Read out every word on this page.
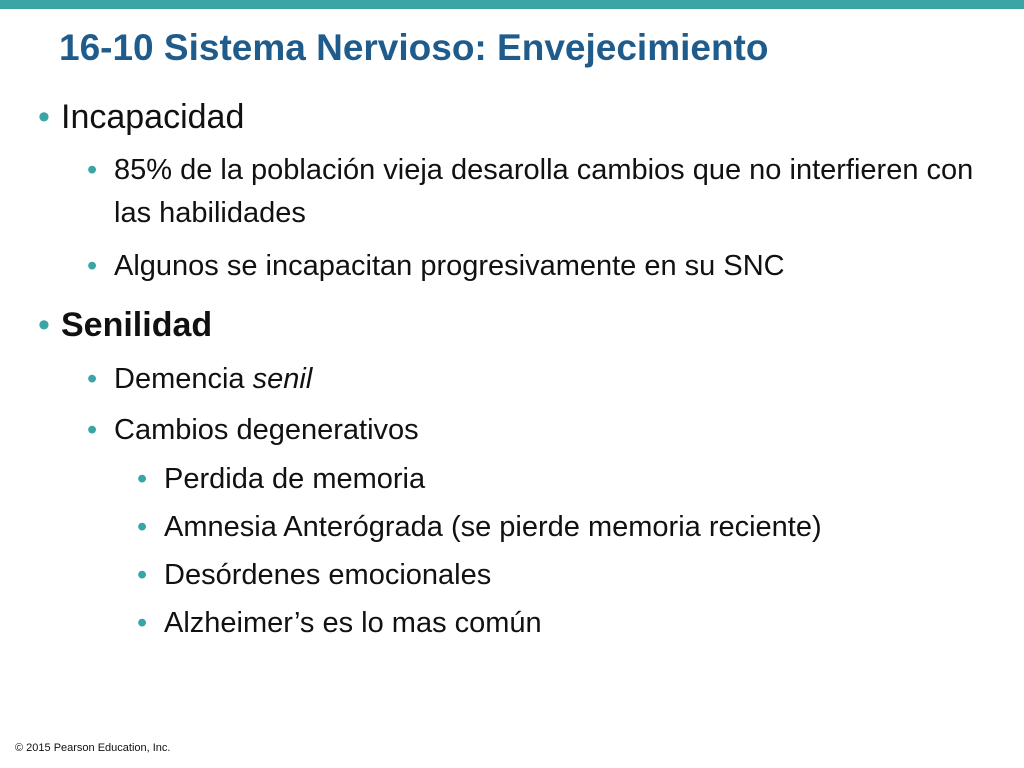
16-10 Sistema Nervioso: Envejecimiento
• Incapacidad
• 85% de la población vieja desarolla cambios que no interfieren con las habilidades
• Algunos se incapacitan progresivamente en su SNC
• Senilidad
• Demencia senil
• Cambios degenerativos
• Perdida de memoria
• Amnesia Anterógrada (se pierde memoria reciente)
• Desórdenes emocionales
• Alzheimer’s es lo mas común
© 2015 Pearson Education, Inc.
